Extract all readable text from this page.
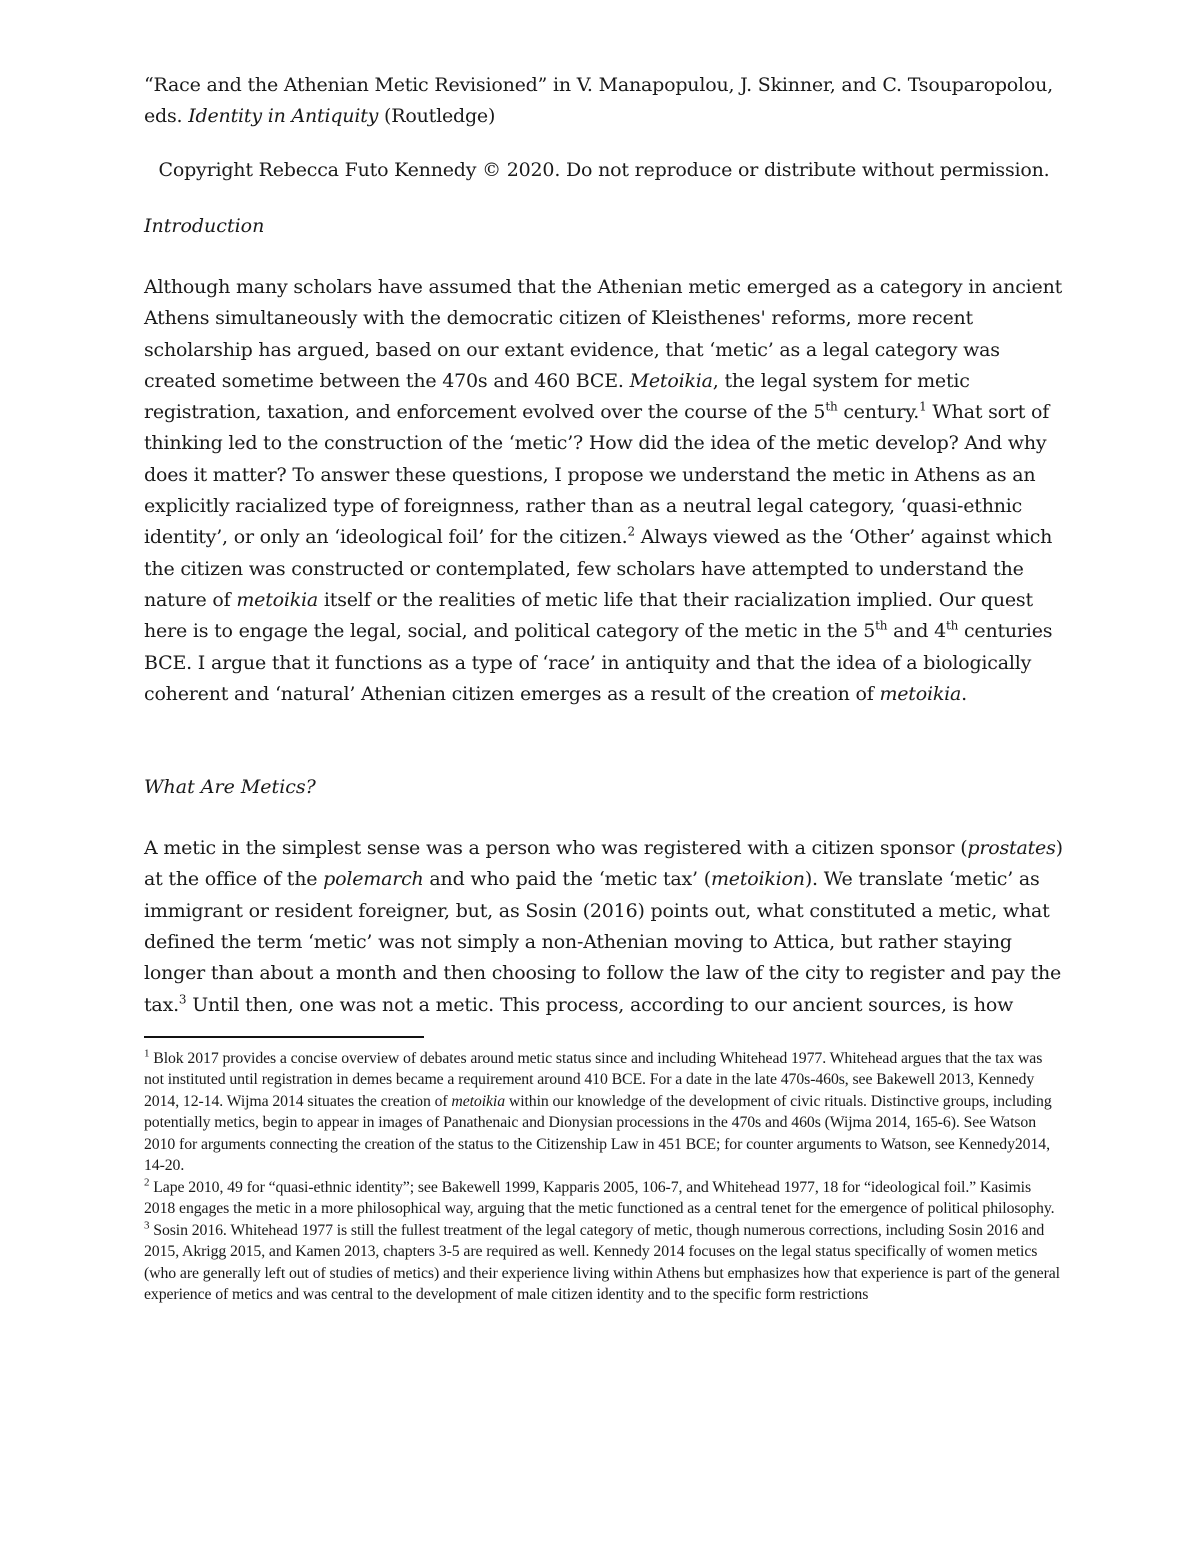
“Race and the Athenian Metic Revisioned” in V. Manapopulou, J. Skinner, and C. Tsouparopolou, eds. Identity in Antiquity (Routledge)

Copyright Rebecca Futo Kennedy © 2020. Do not reproduce or distribute without permission.

Introduction

Although many scholars have assumed that the Athenian metic emerged as a category in ancient Athens simultaneously with the democratic citizen of Kleisthenes' reforms, more recent scholarship has argued, based on our extant evidence, that ‘metic’ as a legal category was created sometime between the 470s and 460 BCE. Metoikia, the legal system for metic registration, taxation, and enforcement evolved over the course of the 5th century.$^1$ What sort of thinking led to the construction of the ‘metic’? How did the idea of the metic develop? And why does it matter? To answer these questions, I propose we understand the metic in Athens as an explicitly racialized type of foreignness, rather than as a neutral legal category, ‘quasi-ethnic identity’, or only an ‘ideological foil’ for the citizen.$^2$ Always viewed as the ‘Other’ against which the citizen was constructed or contemplated, few scholars have attempted to understand the nature of metoikia itself or the realities of metic life that their racialization implied. Our quest here is to engage the legal, social, and political category of the metic in the 5th and 4th centuries BCE. I argue that it functions as a type of ‘race’ in antiquity and that the idea of a biologically coherent and ‘natural’ Athenian citizen emerges as a result of the creation of metoikia.

What Are Metics?

A metic in the simplest sense was a person who was registered with a citizen sponsor (prostates) at the office of the polemarch and who paid the ‘metic tax’ (metoikion). We translate ‘metic’ as immigrant or resident foreigner, but, as Sosin (2016) points out, what constituted a metic, what defined the term ‘metic’ was not simply a non-Athenian moving to Attica, but rather staying longer than about a month and then choosing to follow the law of the city to register and pay the tax.$^3$ Until then, one was not a metic. This process, according to our ancient sources, is how

$^1$ Blok 2017 provides a concise overview of debates around metic status since and including Whitehead 1977. Whitehead argues that the tax was not instituted until registration in demes became a requirement around 410 BCE. For a date in the late 470s-460s, see Bakewell 2013, Kennedy 2014, 12-14. Wijma 2014 situates the creation of metoikia within our knowledge of the development of civic rituals. Distinctive groups, including potentially metics, begin to appear in images of Panathenaic and Dionysian processions in the 470s and 460s (Wijma 2014, 165-6). See Watson 2010 for arguments connecting the creation of the status to the Citizenship Law in 451 BCE; for counter arguments to Watson, see Kennedy2014, 14-20.

$^2$ Lape 2010, 49 for “quasi-ethnic identity”; see Bakewell 1999, Kapparis 2005, 106-7, and Whitehead 1977, 18 for “ideological foil.” Kasimis 2018 engages the metic in a more philosophical way, arguing that the metic functioned as a central tenet for the emergence of political philosophy.

$^3$ Sosin 2016. Whitehead 1977 is still the fullest treatment of the legal category of metic, though numerous corrections, including Sosin 2016 and 2015, Akrigg 2015, and Kamen 2013, chapters 3-5 are required as well. Kennedy 2014 focuses on the legal status specifically of women metics (who are generally left out of studies of metics) and their experience living within Athens but emphasizes how that experience is part of the general experience of metics and was central to the development of male citizen identity and to the specific form restrictions
